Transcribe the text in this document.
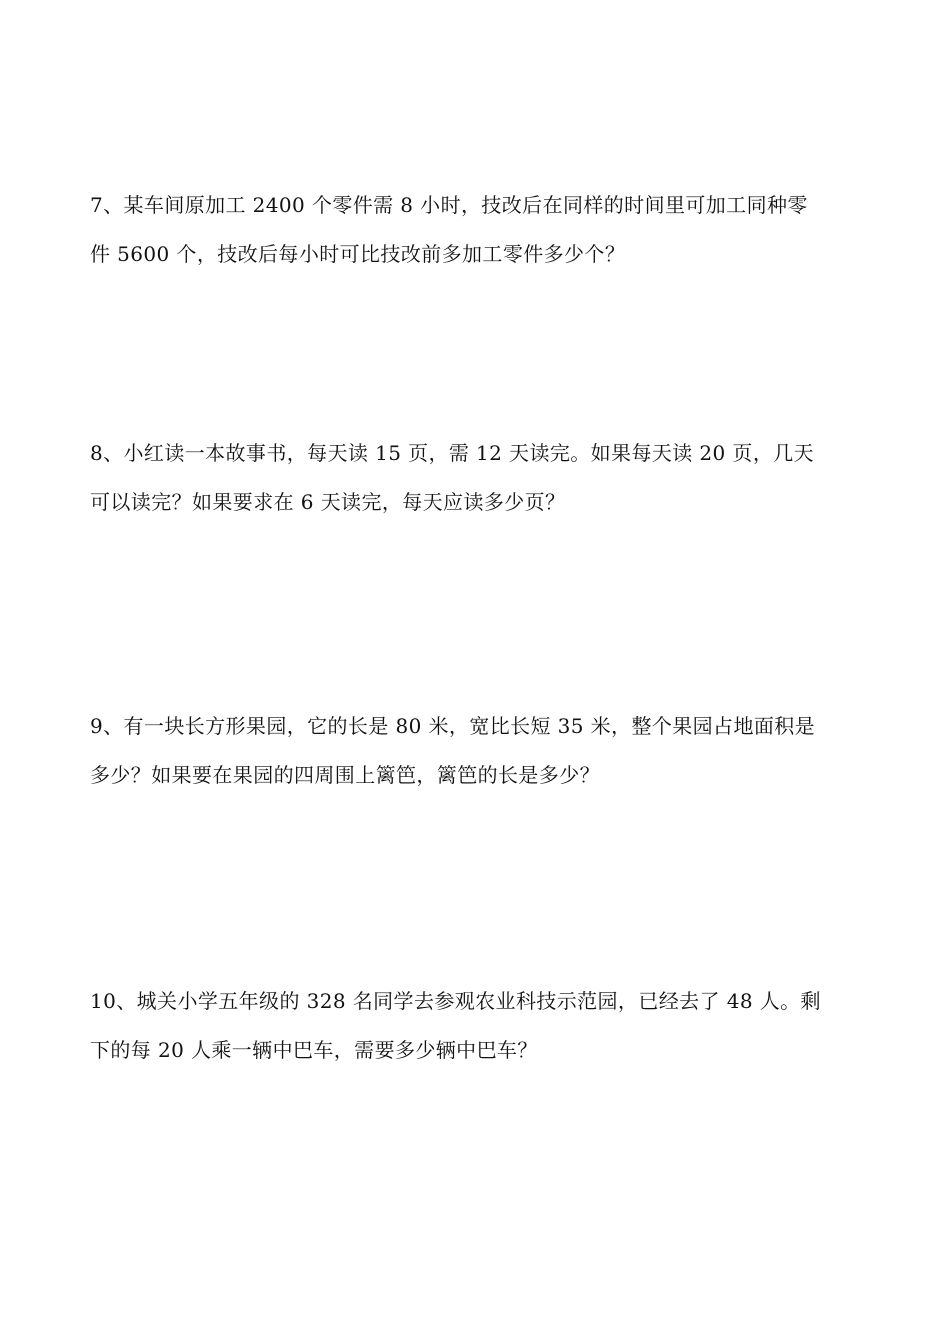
7、某车间原加工 2400 个零件需 8 小时，技改后在同样的时间里可加工同种零
件 5600 个，技改后每小时可比技改前多加工零件多少个？
8、小红读一本故事书，每天读 15 页，需 12 天读完。如果每天读 20 页，几天
可以读完？如果要求在 6 天读完，每天应读多少页？
9、有一块长方形果园，它的长是 80 米，宽比长短 35 米，整个果园占地面积是
多少？如果要在果园的四周围上篱笆，篱笆的长是多少？
10、城关小学五年级的 328 名同学去参观农业科技示范园，已经去了 48 人。剩
下的每 20 人乘一辆中巴车，需要多少辆中巴车？
